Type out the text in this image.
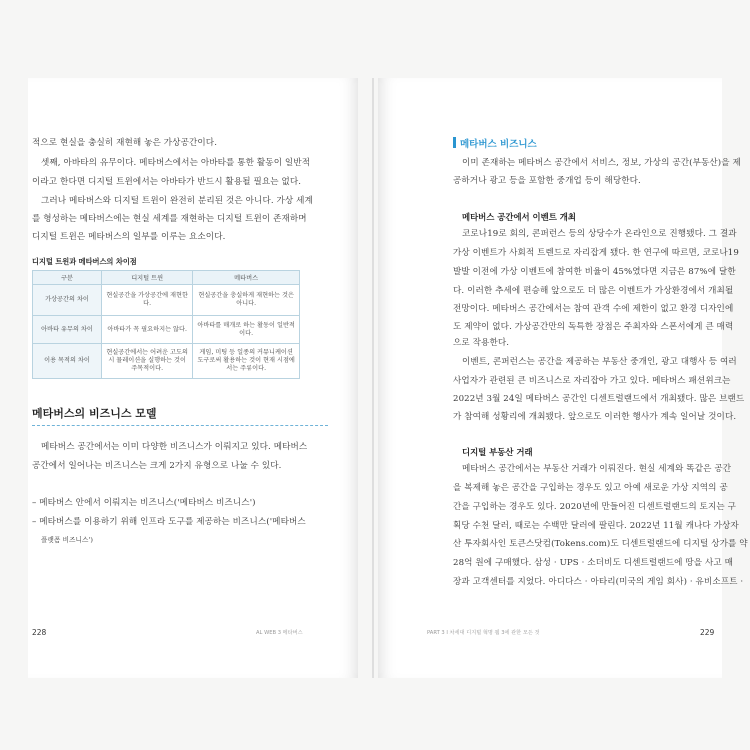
적으로 현실을 충실히 재현해 놓은 가상공간이다.
셋째, 아바타의 유무이다. 메타버스에서는 아바타를 통한 활동이 일반적
이라고 한다면 디지털 트윈에서는 아바타가 반드시 활용될 필요는 없다.
그러나 메타버스와 디지털 트윈이 완전히 분리된 것은 아니다. 가상 세계
를 형성하는 메타버스에는 현실 세계를 재현하는 디지털 트윈이 존재하며
디지털 트윈은 메타버스의 일부를 이루는 요소이다.
디지털 트윈과 메타버스의 차이점
구분	디지털 트윈	메타버스
가상공간의 차이	현실공간을 가상공간에 재현한다.	현실공간을 충실하게 재현하는 것은 아니다.
아바타 유무의 차이	아바타가 꼭 필요하지는 않다.	아바타를 매개로 하는 활동이 일반적이다.
이용 목적의 차이	현실공간에서는 어려운 고도의 시 뮬레이션을 실행하는 것이 주목적이다.	게임, 미팅 등 일종의 커뮤니케이션 도구로써 활용하는 것이 현재 시점에서는 주류이다.
메타버스의 비즈니스 모델
메타버스 공간에서는 이미 다양한 비즈니스가 이뤄지고 있다. 메타버스
공간에서 일어나는 비즈니스는 크게 2가지 유형으로 나눌 수 있다.
– 메타버스 안에서 이뤄지는 비즈니스('메타버스 비즈니스')
– 메타버스를 이용하기 위해 인프라 도구를 제공하는 비즈니스('메타버스
플랫폼 비즈니스')
228	AL WEB 3 메타버스
메타버스 비즈니스
이미 존재하는 메타버스 공간에서 서비스, 정보, 가상의 공간(부동산)을 제
공하거나 광고 등을 포함한 중개업 등이 해당한다.
메타버스 공간에서 이벤트 개최
코로나19로 회의, 콘퍼런스 등의 상당수가 온라인으로 진행됐다. 그 결과
가상 이벤트가 사회적 트렌드로 자리잡게 됐다. 한 연구에 따르면, 코로나19
발발 이전에 가상 이벤트에 참여한 비율이 45%였다면 지금은 87%에 달한
다. 이러한 추세에 편승해 앞으로도 더 많은 이벤트가 가상환경에서 개최될
전망이다. 메타버스 공간에서는 참여 관객 수에 제한이 없고 환경 디자인에
도 제약이 없다. 가상공간만의 독특한 장점은 주최자와 스폰서에게 큰 매력
으로 작용한다.
이벤트, 콘퍼런스는 공간을 제공하는 부동산 중개인, 광고 대행사 등 여러
사업자가 관련된 큰 비즈니스로 자리잡아 가고 있다. 메타버스 패션위크는
2022년 3월 24일 메타버스 공간인 디센트럴랜드에서 개최됐다. 많은 브랜드
가 참여해 성황리에 개최됐다. 앞으로도 이러한 행사가 계속 일어날 것이다.
디지털 부동산 거래
메타버스 공간에서는 부동산 거래가 이뤄진다. 현실 세계와 똑같은 공간
을 복제해 놓은 공간을 구입하는 경우도 있고 아예 새로운 가상 지역의 공
간을 구입하는 경우도 있다. 2020년에 만들어진 디센트럴랜드의 토지는 구
획당 수천 달러, 때로는 수백만 달러에 팔린다. 2022년 11월 캐나다 가상자
산 투자회사인 토큰스닷컴(Tokens.com)도 디센트럴랜드에 디지털 상가를 약
28억 원에 구매했다. 삼성 · UPS · 소더비도 디센트럴랜드에 땅을 사고 매
장과 고객센터를 지었다. 아디다스 · 아타리(미국의 게임 회사) · 유비소프트 ·
PART 3 Ⅰ 차세대 디지털 혁명 웹 3에 관한 모든 것	229
